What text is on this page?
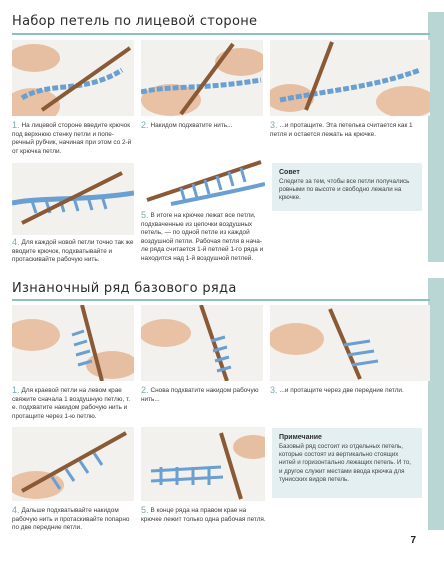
Набор петель по лицевой стороне
1. На лицевой стороне введите крючок под верхнюю стенку петли и поперечный рубчик, начиная при этом со 2-й от крючка петли.
2. Накидом подхватите нить...	3. ...и протащите. Эта петелька считается как 1 петля и остается лежать на крючке.
Совет
Следите за тем, чтобы все петли получались ровными по высоте и свободно лежали на крючке.
4. Для каждой новой петли точно так же вводите крючок, подхватывайте и протаскивайте рабочую нить.
5. В итоге на крючке лежат все петли, подхваченные из цепочки воздушных петель, — по одной петле из каждой воздушной петли. Рабочая петля в начале ряда считается 1-й петлей 1-го ряда и находится над 1-й воздушной петлей.
Изнаночный ряд базового ряда
1. Для краевой петли на левом крае свяжите сначала 1 воздушную петлю, т. е. подхватите накидом рабочую нить и протащите через 1-ю петлю.
2. Снова подхватите накидом рабочую нить...
3. ...и протащите через две передние петли.
Примечание
Базовый ряд состоит из отдельных петель, которые состоят из вертикально стоящих нитей и горизонтально лежащих петель. И то, и другое служит местами ввода крючка для тунисских видов петель.
4. Дальше подхватывайте накидом рабочую нить и протаскивайте попарно по две передние петли.
5. В конце ряда на правом крае на крючке лежит только одна рабочая петля.
7
